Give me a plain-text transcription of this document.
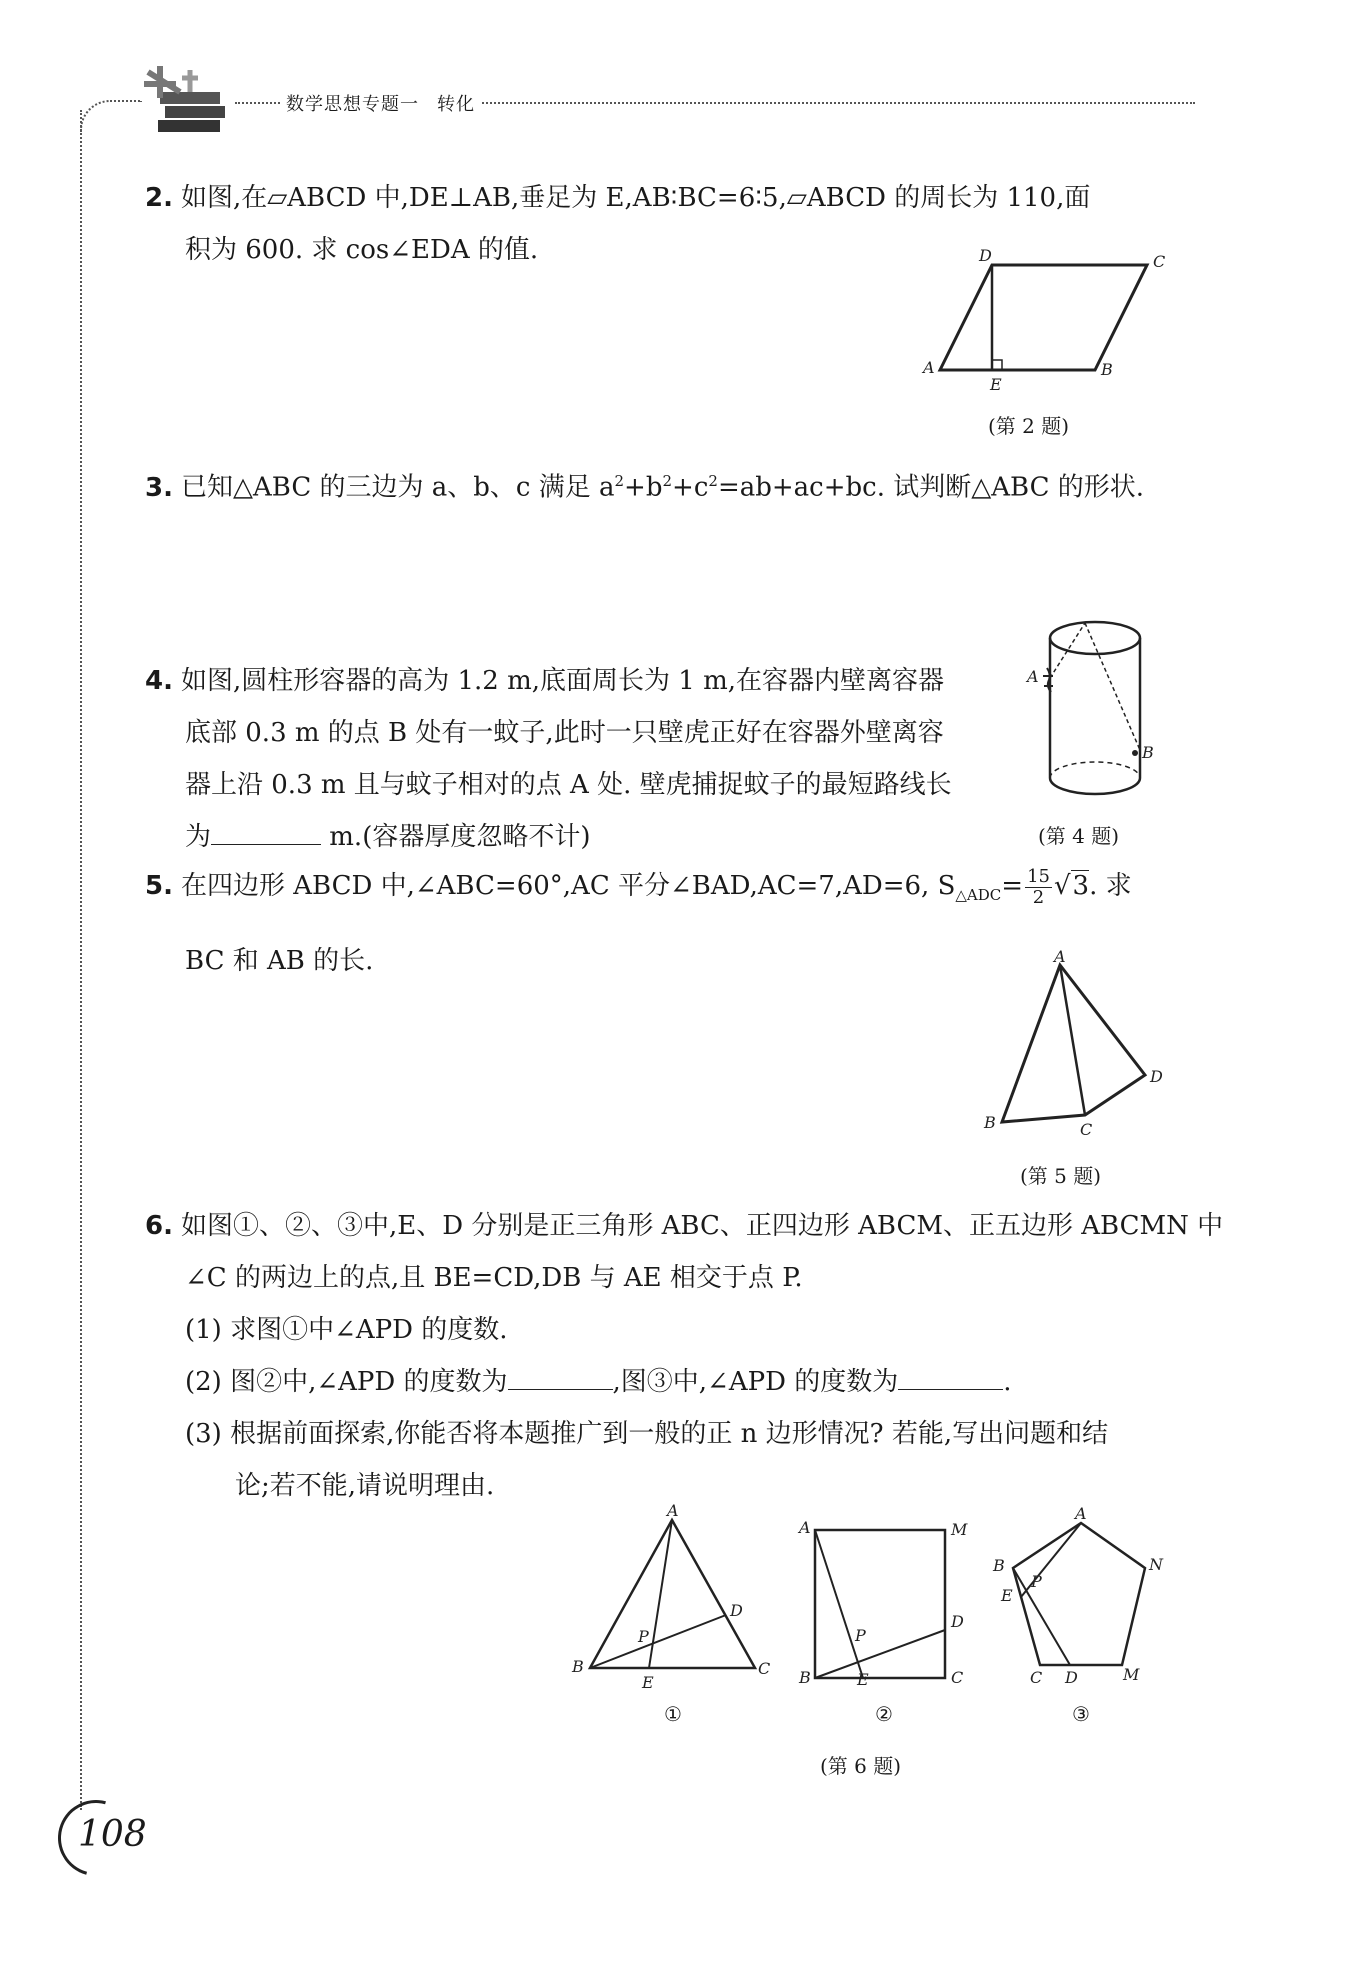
数学思想专题一 转化
2. 如图,在▱ABCD 中,DE⊥AB,垂足为 E,AB∶BC=6∶5,▱ABCD 的周长为 110,面
积为 600. 求 cos∠EDA 的值.
A
D	C
B
E
(第 2 题)
3. 已知△ABC 的三边为 a、b、c 满足 $a^2+b^2+c^2=ab+ac+bc$. 试判断△ABC 的形状.
4. 如图,圆柱形容器的高为 1.2 m,底面周长为 1 m,在容器内壁离容器
底部 0.3 m 的点 B 处有一蚊子,此时一只壁虎正好在容器外壁离容
器上沿 0.3 m 且与蚊子相对的点 A 处. 壁虎捕捉蚊子的最短路线长
为	m.(容器厚度忽略不计)
A
B
(第 4 题)
5. 在四边形 ABCD 中,∠ABC=60°,AC 平分∠BAD,AC=7,AD=6, $S_{\triangle ADC}= \frac{15}{2} √3$. 求
BC 和 AB 的长.	A
B	C
D
(第 5 题)
6. 如图①、②、③中,E、D 分别是正三角形 ABC、正四边形 ABCM、正五边形 ABCMN 中
∠C 的两边上的点,且 BE=CD,DB 与 AE 相交于点 P.
(1) 求图①中∠APD 的度数.
(2) 图②中,∠APD 的度数为	,图③中,∠APD 的度数为	.
(3) 根据前面探索,你能否将本题推广到一般的正 n 边形情况? 若能,写出问题和结
论;若不能,请说明理由.
A
B	C
D
E
P
①
A	M
B	C
D
E
P
②
A
N
M
C D
B
E
P
③
(第 6 题)
108
